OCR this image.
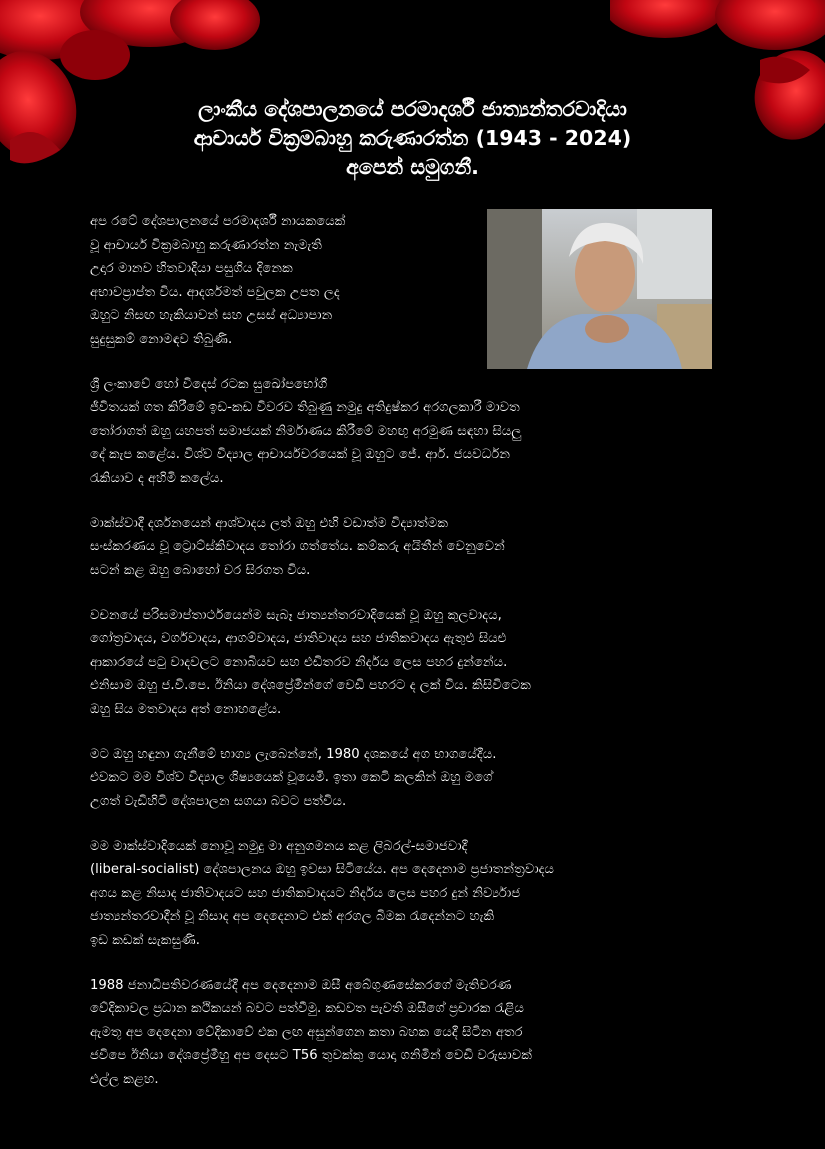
ලාංකීය දේශපාලනයේ පරමාදර්ශී ජාත්‍යන්තරවාදියා
ආචාර්ය වික්‍රමබාහු කරුණාරත්න (1943 - 2024)
අපෙන් සමුගනී.

අප රටේ දේශපාලනයේ පරමාදර්ශී නායකයෙක්
වූ ආචාර්ය වික්‍රමබාහු කරුණාරත්න නැමැති
උදාර මානව හිතවාදියා පසුගිය දිනෙක
අභාවප්‍රාප්ත විය. ආදර්ශමත් පවුලක උපත ලද
ඔහුට නිසඟ හැකියාවන් සහ උසස් අධ්‍යාපාන
සුදුසුකම් නොමඳව තිබුණි.

ශ්‍රී ලංකාවේ හෝ විදෙස් රටක සුඛෝපභෝගී
ජීවිතයක් ගත කිරීමේ ඉඩ-කඩ විවරව තිබුණු නමුදු අතිදුෂ්කර අරගලකාරී මාවත
තෝරාගත් ඔහු යහපත් සමාජයක් නිර්මාණය කිරීමේ මහඟු අරමුණ සඳහා සියලු
දේ කැප කළේය. විශ්ව විද්‍යාල ආචාර්යවරයෙක් වූ ඔහුට ජේ. ආර්. ජයවර්ධන
රැකියාව ද අහිමි කලේය.

මාක්ස්වාදී දර්ශනයෙන් ආශ්වාදය ලත් ඔහු එහි වඩාත්ම විද්‍යාත්මක
සංස්කරණය වූ ට්‍රොට්ස්කිවාදය තෝරා ගත්තේය. කම්කරු අයිතීන් වෙනුවෙන්
සටන් කළ ඔහු බොහෝ වර සිරගත විය.

වචනයේ පරිසමාප්තාර්ථයෙන්ම සැබෑ ජාත්‍යන්තරවාදියෙක් වූ ඔහු කුලවාදය,
ගෝත්‍රවාදය, වර්ගවාදය, ආගම්වාදය, ජාතිවාදය සහ ජාතිකවාදය ඇතුළු සියළු
ආකාරයේ පටු වාදවලට නොබියව සහ එඩිතරව නිර්දය ලෙස පහර දුන්නේය.
එනිසාම ඔහු ජ.වි.පෙ. ඊනියා දේශප්‍රේමීන්ගේ වෙඩි පහරට ද ලක් විය. කිසිවිටෙක
ඔහු සිය මතවාදය අත් නොහළේය.

මට ඔහු හඳුනා ගැනීමේ භාග්‍ය ලැබෙන්නේ, 1980 දශකයේ අග භාගයේදීය.
එවකට මම විශ්ව විද්‍යාල ශිෂ්‍යයෙක් වූයෙමි. ඉතා කෙටි කලකින් ඔහු මගේ
උගත් වැඩිහිටි දේශපාලන සගයා බවට පත්විය.

මම මාක්ස්වාදියෙක් නොවූ නමුදු මා අනුගමනය කළ ලිබරල්-සමාජවාදී
(liberal-socialist) දේශපාලනය ඔහු ඉවසා සිටියේය. අප දෙදෙනාම ප්‍රජාතන්ත්‍රවාදය
අගය කළ නිසාද ජාතිවාදයට සහ ජාතිකවාදයට නිර්දය ලෙස පහර දුන් නිර්ව්‍යාජ
ජාත්‍යන්තරවාදීන් වූ නිසාද අප දෙදෙනාට එක් අරගල බිමක රැදෙන්නට හැකි
ඉඩ කඩක් සැකසුණි.

1988 ජනාධිපතිවරණයේදී අප දෙදෙනාම ඔසී අබේගුණසේකරගේ මැතිවරණ
වේදිකාවල ප්‍රධාන කථිකයන් බවට පත්වීමු. කඩවත පැවති ඔසීගේ ප්‍රචාරක රැළිය
ඇමතූ අප දෙදෙනා වේදිකාවේ එක ලඟ අසුන්ගෙන කතා බහක යෙදී සිටින අතර
ජවිපෙ ඊනියා දේශප්‍රේමීහු අප දෙසට T56 තුවක්කු යොදා ගනිමින් වෙඩි වරුසාවක්
එල්ල කළහ.
